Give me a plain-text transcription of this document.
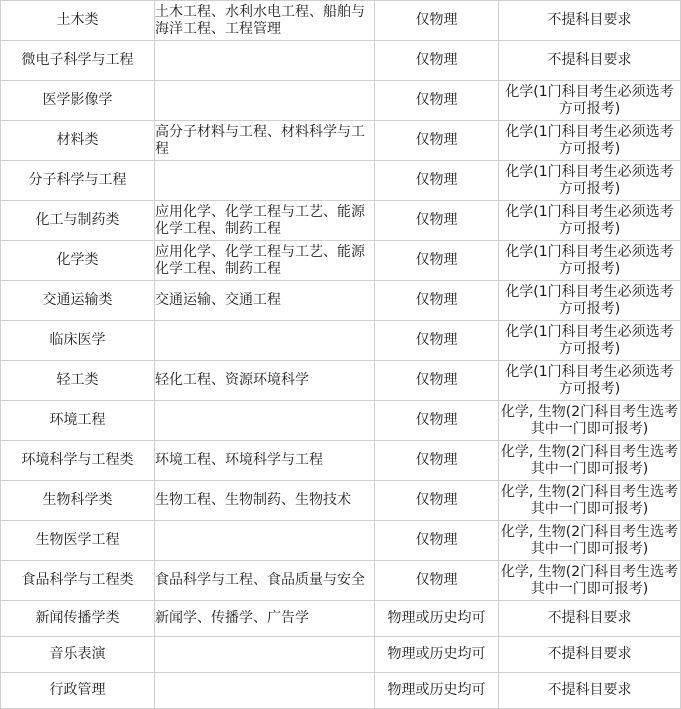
土木类	土木工程、水利水电工程、船舶与海洋工程、工程管理	仅物理	不提科目要求
微电子科学与工程		仅物理	不提科目要求
医学影像学		仅物理	化学(1门科目考生必须选考方可报考)
材料类	高分子材料与工程、材料科学与工程	仅物理	化学(1门科目考生必须选考方可报考)
分子科学与工程		仅物理	化学(1门科目考生必须选考方可报考)
化工与制药类	应用化学、化学工程与工艺、能源化学工程、制药工程	仅物理	化学(1门科目考生必须选考方可报考)
化学类	应用化学、化学工程与工艺、能源化学工程、制药工程	仅物理	化学(1门科目考生必须选考方可报考)
交通运输类	交通运输、交通工程	仅物理	化学(1门科目考生必须选考方可报考)
临床医学		仅物理	化学(1门科目考生必须选考方可报考)
轻工类	轻化工程、资源环境科学	仅物理	化学(1门科目考生必须选考方可报考)
环境工程		仅物理	化学, 生物(2门科目考生选考其中一门即可报考)
环境科学与工程类	环境工程、环境科学与工程	仅物理	化学, 生物(2门科目考生选考其中一门即可报考)
生物科学类	生物工程、生物制药、生物技术	仅物理	化学, 生物(2门科目考生选考其中一门即可报考)
生物医学工程		仅物理	化学, 生物(2门科目考生选考其中一门即可报考)
食品科学与工程类	食品科学与工程、食品质量与安全	仅物理	化学, 生物(2门科目考生选考其中一门即可报考)
新闻传播学类	新闻学、传播学、广告学	物理或历史均可	不提科目要求
音乐表演		物理或历史均可	不提科目要求
行政管理		物理或历史均可	不提科目要求
